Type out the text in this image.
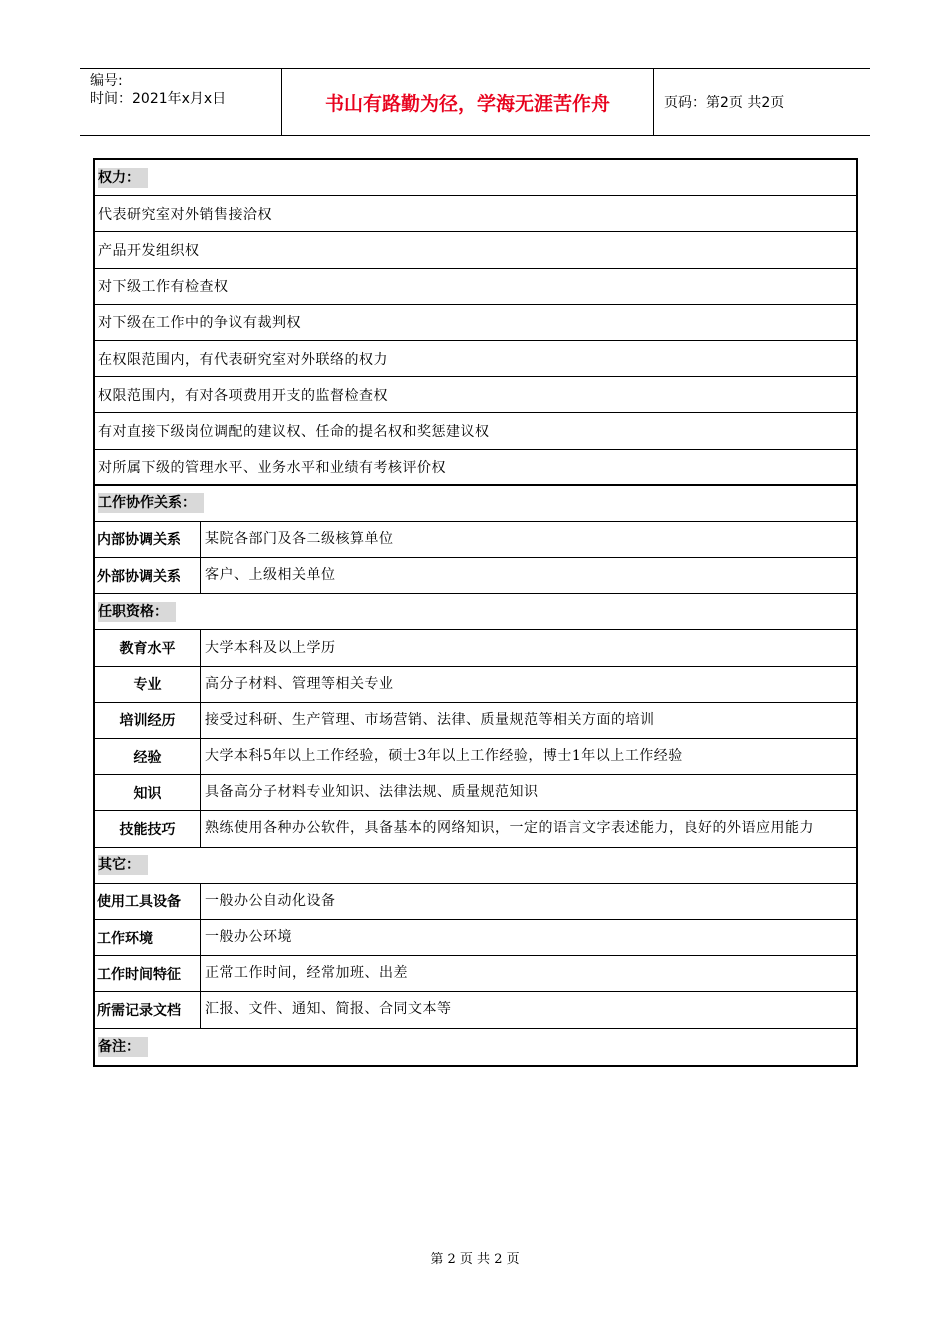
编号:
时间：2021年x月x日	书山有路勤为径，学海无涯苦作舟	页码：第2页 共2页
权力：
代表研究室对外销售接洽权
产品开发组织权
对下级工作有检查权
对下级在工作中的争议有裁判权
在权限范围内，有代表研究室对外联络的权力
权限范围内，有对各项费用开支的监督检查权
有对直接下级岗位调配的建议权、任命的提名权和奖惩建议权
对所属下级的管理水平、业务水平和业绩有考核评价权
工作协作关系：
内部协调关系	某院各部门及各二级核算单位
外部协调关系	客户、上级相关单位
任职资格：
教育水平	大学本科及以上学历
专业	高分子材料、管理等相关专业
培训经历	接受过科研、生产管理、市场营销、法律、质量规范等相关方面的培训
经验	大学本科5年以上工作经验，硕士3年以上工作经验，博士1年以上工作经验
知识	具备高分子材料专业知识、法律法规、质量规范知识
技能技巧	熟练使用各种办公软件，具备基本的网络知识，一定的语言文字表述能力，良好的外语应用能力
其它：
使用工具设备	一般办公自动化设备
工作环境	一般办公环境
工作时间特征	正常工作时间，经常加班、出差
所需记录文档	汇报、文件、通知、简报、合同文本等
备注：
第 2 页 共 2 页
